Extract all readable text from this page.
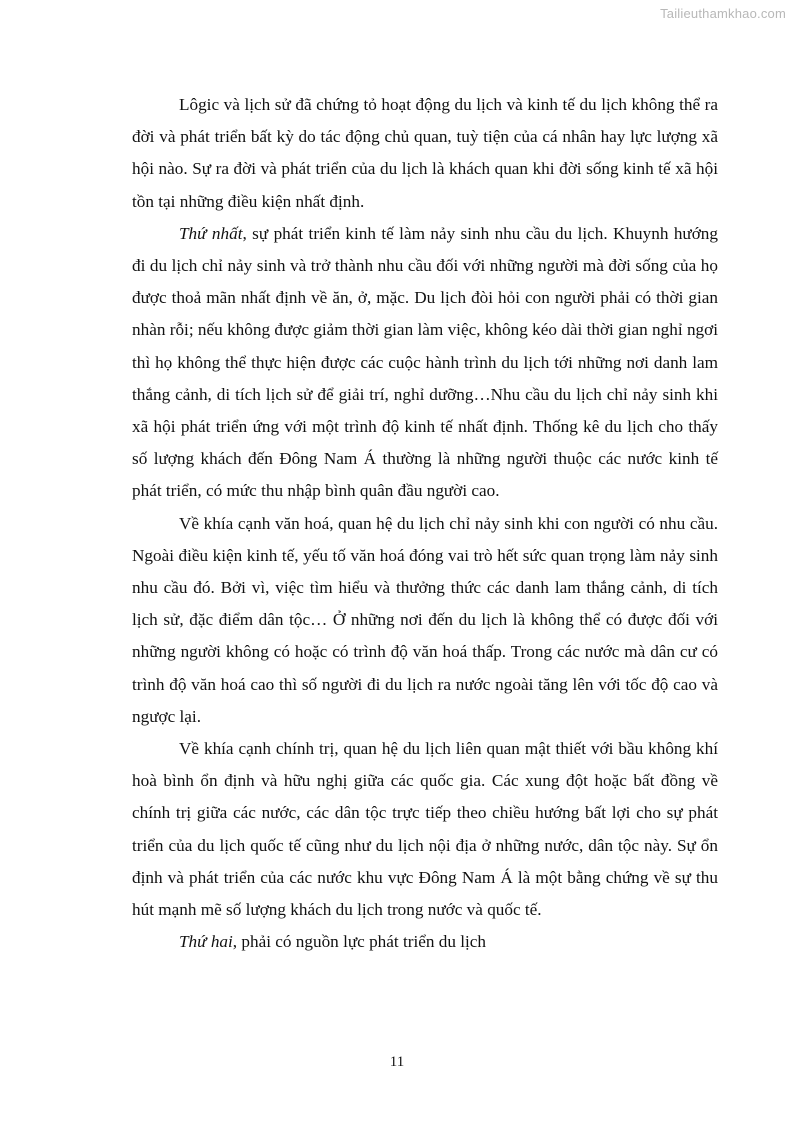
Tailieuthamkhao.com

Lôgic và lịch sử đã chứng tỏ hoạt động du lịch và kinh tế du lịch không thể ra đời và phát triển bất kỳ do tác động chủ quan, tuỳ tiện của cá nhân hay lực lượng xã hội nào. Sự ra đời và phát triển của du lịch là khách quan khi đời sống kinh tế xã hội tồn tại những điều kiện nhất định.

Thứ nhất, sự phát triển kinh tế làm nảy sinh nhu cầu du lịch. Khuynh hướng đi du lịch chỉ nảy sinh và trở thành nhu cầu đối với những người mà đời sống của họ được thoả mãn nhất định về ăn, ở, mặc. Du lịch đòi hỏi con người phải có thời gian nhàn rỗi; nếu không được giảm thời gian làm việc, không kéo dài thời gian nghỉ ngơi thì họ không thể thực hiện được các cuộc hành trình du lịch tới những nơi danh lam thắng cảnh, di tích lịch sử để giải trí, nghỉ dưỡng…Nhu cầu du lịch chỉ nảy sinh khi xã hội phát triển ứng với một trình độ kinh tế nhất định. Thống kê du lịch cho thấy số lượng khách đến Đông Nam Á thường là những người thuộc các nước kinh tế phát triển, có mức thu nhập bình quân đầu người cao.

Về khía cạnh văn hoá, quan hệ du lịch chỉ nảy sinh khi con người có nhu cầu. Ngoài điều kiện kinh tế, yếu tố văn hoá đóng vai trò hết sức quan trọng làm nảy sinh nhu cầu đó. Bởi vì, việc tìm hiểu và thưởng thức các danh lam thắng cảnh, di tích lịch sử, đặc điểm dân tộc… Ở những nơi đến du lịch là không thể có được đối với những người không có hoặc có trình độ văn hoá thấp. Trong các nước mà dân cư có trình độ văn hoá cao thì số người đi du lịch ra nước ngoài tăng lên với tốc độ cao và ngược lại.

Về khía cạnh chính trị, quan hệ du lịch liên quan mật thiết với bầu không khí hoà bình ổn định và hữu nghị giữa các quốc gia. Các xung đột hoặc bất đồng về chính trị giữa các nước, các dân tộc trực tiếp theo chiều hướng bất lợi cho sự phát triển của du lịch quốc tế cũng như du lịch nội địa ở những nước, dân tộc này. Sự ổn định và phát triển của các nước khu vực Đông Nam Á là một bằng chứng về sự thu hút mạnh mẽ số lượng khách du lịch trong nước và quốc tế.

Thứ hai, phải có nguồn lực phát triển du lịch

11
